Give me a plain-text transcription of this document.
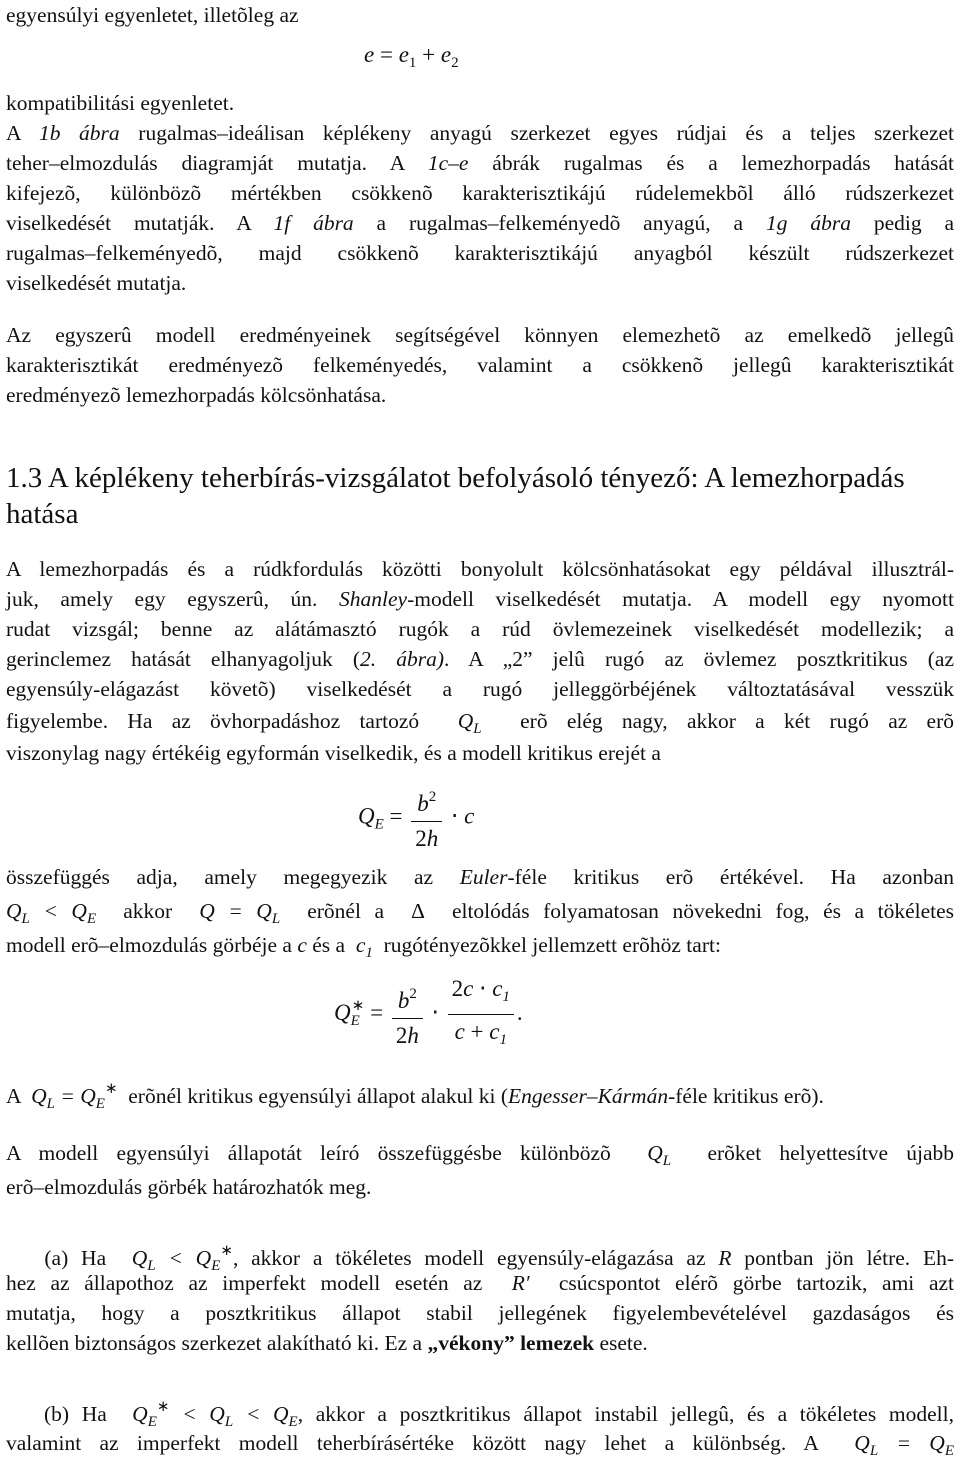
egyensúlyi egyenletet, illetõleg az
$e = e_1 + e_2$
kompatibilitási egyenletet.
A 1b ábra rugalmas–ideálisan képlékeny anyagú szerkezet egyes rúdjai és a teljes szerkezet
teher–elmozdulás diagramját mutatja. A 1c–e ábrák rugalmas és a lemezhorpadás hatását
kifejezõ, különbözõ mértékben csökkenõ karakterisztikájú rúdelemekbõl álló rúdszerkezet
viselkedését mutatják. A 1f ábra a rugalmas–felkeményedõ anyagú, a 1g ábra pedig a
rugalmas–felkeményedõ, majd csökkenõ karakterisztikájú anyagból készült rúdszerkezet
viselkedését mutatja.
Az egyszerû modell eredményeinek segítségével könnyen elemezhetõ az emelkedõ jellegû
karakterisztikát eredményezõ felkeményedés, valamint a csökkenõ jellegû karakterisztikát
eredményezõ lemezhorpadás kölcsönhatása.
1.3 A képlékeny teherbírás-vizsgálatot befolyásoló tényező: A lemezhorpadás
hatása
A lemezhorpadás és a rúdkfordulás közötti bonyolult kölcsönhatásokat egy példával illusztrál-
juk, amely egy egyszerû, ún. Shanley-modell viselkedését mutatja. A modell egy nyomott
rudat vizsgál; benne az alátámasztó rugók a rúd övlemezeinek viselkedését modellezik; a
gerinclemez hatását elhanyagoljuk (2. ábra). A „2” jelû rugó az övlemez posztkritikus (az
egyensúly-elágazást követõ) viselkedését a rugó jelleggörbéjének változtatásával vesszük
figyelembe. Ha az övhorpadáshoz tartozó  $Q_L$  erõ elég nagy, akkor a két rugó az erõ
viszonylag nagy értékéig egyformán viselkedik, és a modell kritikus erejét a
$Q_E = \frac{b^2}{2h} \cdot c$
összefüggés adja, amely megegyezik az Euler-féle kritikus erõ értékével. Ha azonban
$Q_L < Q_E$  akkor  $Q = Q_L$  erõnél a  Δ  eltolódás folyamatosan növekedni fog, és a tökéletes
modell erõ–elmozdulás görbéje a c és a  $c_1$  rugótényezõkkel jellemzett erõhöz tart:
$Q_E^∗ = \frac{b^2}{2h} \cdot \frac{2c \cdot c_1}{c + c_1}$ .
A  $Q_L = Q_E^∗$  erõnél kritikus egyensúlyi állapot alakul ki (Engesser–Kármán-féle kritikus erõ).
A modell egyensúlyi állapotát leíró összefüggésbe különbözõ  $Q_L$  erõket helyettesítve újabb
erõ–elmozdulás görbék határozhatók meg.
(a) Ha  $Q_L < Q_E^∗$, akkor a tökéletes modell egyensúly-elágazása az R pontban jön létre. Eh-
hez az állapothoz az imperfekt modell esetén az  R′  csúcspontot elérõ görbe tartozik, ami azt
mutatja, hogy a posztkritikus állapot stabil jellegének figyelembevételével gazdaságos és
kellõen biztonságos szerkezet alakítható ki. Ez a „vékony” lemezek esete.
(b) Ha  $Q_E^∗ < Q_L < Q_E$, akkor a posztkritikus állapot instabil jellegû, és a tökéletes modell,
valamint az imperfekt modell teherbírásértéke között nagy lehet a különbség. A  $Q_L = Q_E$
